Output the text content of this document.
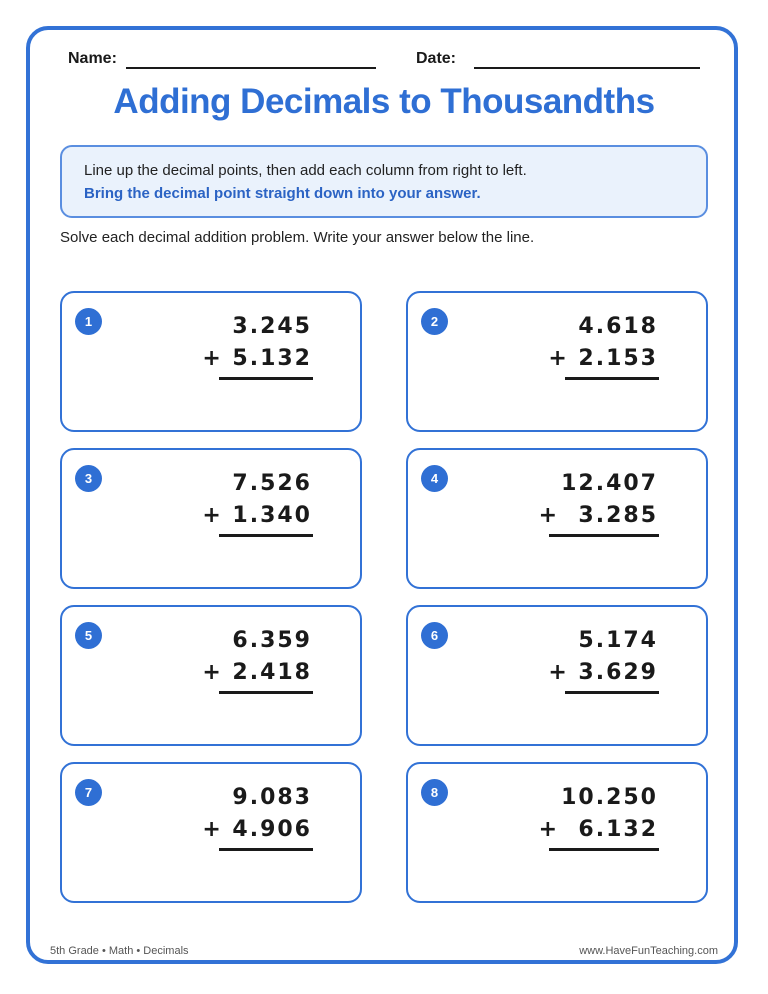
Name:	Date:
Adding Decimals to Thousandths
Line up the decimal points, then add each column from right to left.
Bring the decimal point straight down into your answer.
Solve each decimal addition problem. Write your answer below the line.
1	3.245
+ 5.132
2	4.618
+ 2.153
3	7.526
+ 1.340
4	12.407
+  3.285
5	6.359
+ 2.418
6	5.174
+ 3.629
7	9.083
+ 4.906
8	10.250
+  6.132
5th Grade • Math • Decimals	www.HaveFunTeaching.com
